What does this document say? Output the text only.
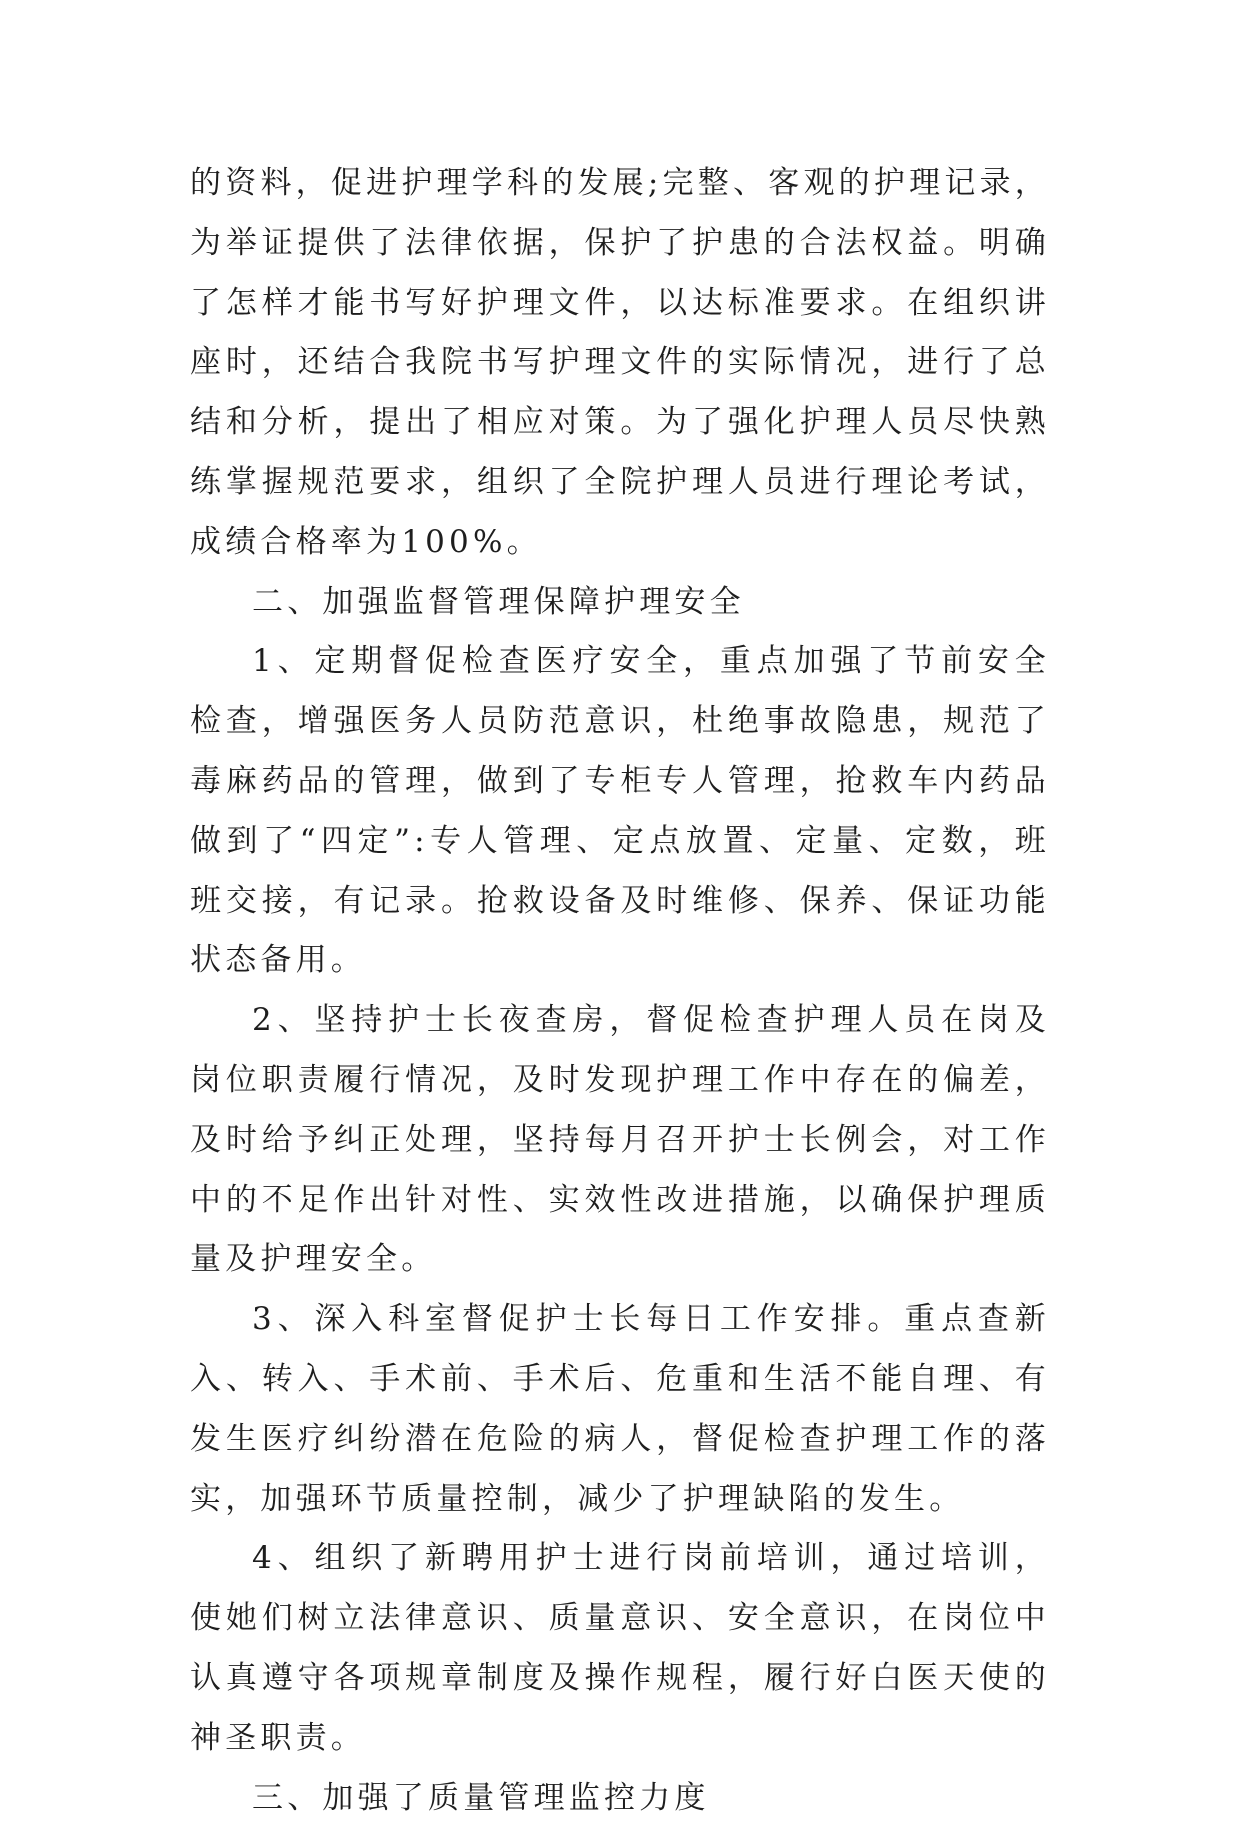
的资料，促进护理学科的发展;完整、客观的护理记录，为举证提供了法律依据，保护了护患的合法权益。明确了怎样才能书写好护理文件，以达标准要求。在组织讲座时，还结合我院书写护理文件的实际情况，进行了总结和分析，提出了相应对策。为了强化护理人员尽快熟练掌握规范要求，组织了全院护理人员进行理论考试，成绩合格率为100%。

二、加强监督管理保障护理安全

1、定期督促检查医疗安全，重点加强了节前安全检查，增强医务人员防范意识，杜绝事故隐患，规范了毒麻药品的管理，做到了专柜专人管理，抢救车内药品做到了“四定”:专人管理、定点放置、定量、定数，班班交接，有记录。抢救设备及时维修、保养、保证功能状态备用。

2、坚持护士长夜查房，督促检查护理人员在岗及岗位职责履行情况，及时发现护理工作中存在的偏差，及时给予纠正处理，坚持每月召开护士长例会，对工作中的不足作出针对性、实效性改进措施，以确保护理质量及护理安全。

3、深入科室督促护士长每日工作安排。重点查新入、转入、手术前、手术后、危重和生活不能自理、有发生医疗纠纷潜在危险的病人，督促检查护理工作的落实，加强环节质量控制，减少了护理缺陷的发生。

4、组织了新聘用护士进行岗前培训，通过培训，使她们树立法律意识、质量意识、安全意识，在岗位中认真遵守各项规章制度及操作规程，履行好白医天使的神圣职责。

三、加强了质量管理监控力度
